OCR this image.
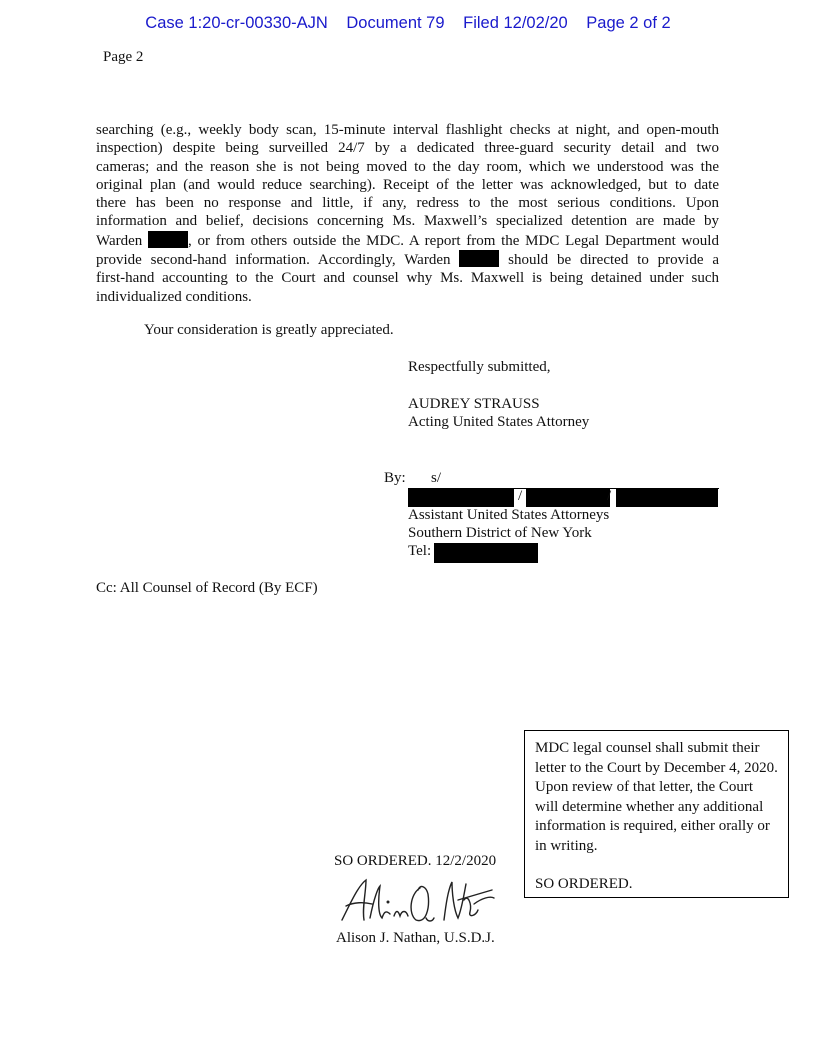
Case 1:20-cr-00330-AJN Document 79 Filed 12/02/20 Page 2 of 2
Page 2
searching (e.g., weekly body scan, 15-minute interval flashlight checks at night, and open-mouth
inspection) despite being surveilled 24/7 by a dedicated three-guard security detail and two
cameras; and the reason she is not being moved to the day room, which we understood was the
original plan (and would reduce searching). Receipt of the letter was acknowledged, but to date
there has been no response and little, if any, redress to the most serious conditions. Upon
information and belief, decisions concerning Ms. Maxwell’s specialized detention are made by
Warden	, or from others outside the MDC. A report from the MDC Legal Department would
provide second-hand information. Accordingly, Warden	should be directed to provide a
first-hand accounting to the Court and counsel why Ms. Maxwell is being detained under such
individualized conditions.
Your consideration is greatly appreciated.
Respectfully submitted,
AUDREY STRAUSS
Acting United States Attorney
By: s/
/	/
Assistant United States Attorneys
Southern District of New York
Tel:
Cc: All Counsel of Record (By ECF)

MDC legal counsel shall submit their letter to the Court by December 4, 2020. Upon review of that letter, the Court will determine whether any additional information is required, either orally or in writing.

SO ORDERED.

SO ORDERED. 12/2/2020
Alison J. Nathan, U.S.D.J.
